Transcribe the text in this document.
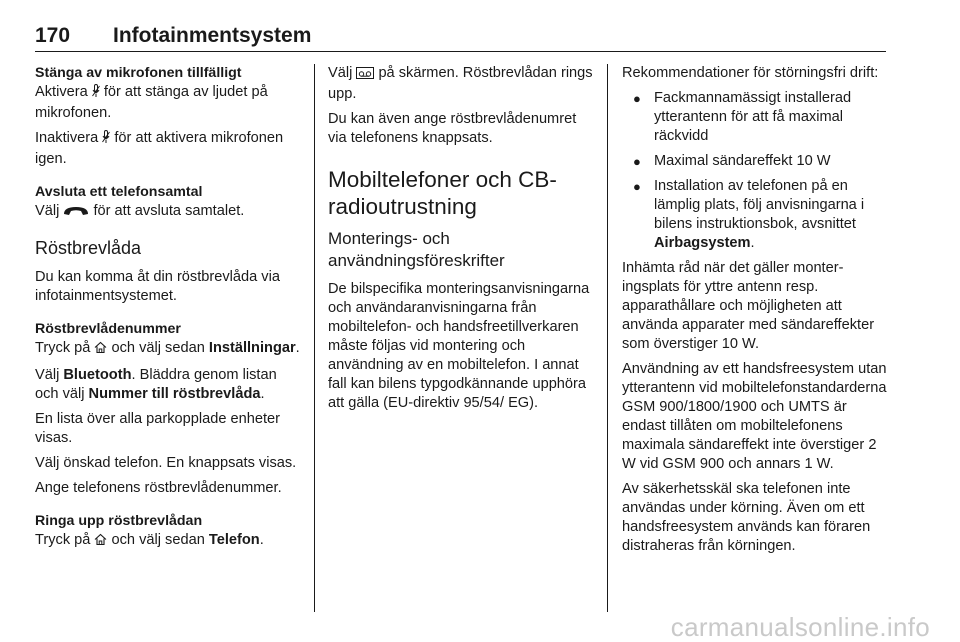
170 Infotainmentsystem
Stänga av mikrofonen tillfälligt

Aktivera  för att stänga av ljudet på mikrofonen.

Inaktivera  för att aktivera mikrofonen igen.

Avsluta ett telefonsamtal

Välj  för att avsluta samtalet.

Röstbrevlåda

Du kan komma åt din röstbrevlåda via infotainmentsystemet.

Röstbrevlådenummer

Tryck på  och välj sedan Inställningar.

Välj Bluetooth. Bläddra genom listan och välj Nummer till röstbrevlåda.

En lista över alla parkopplade enheter visas.

Välj önskad telefon. En knappsats visas.

Ange telefonens röstbrevlådenummer.

Ringa upp röstbrevlådan

Tryck på  och välj sedan Telefon.

Välj  på skärmen. Röstbrevlådan rings upp.

Du kan även ange röstbrevlådenumret via telefonens knappsats.

Mobiltelefoner och CB-radioutrustning
Monterings- och användningsföreskrifter

De bilspecifika monteringsanvisningarna och användaranvisningarna från mobiltelefon- och handsfreetillverkaren måste följas vid montering och användning av en mobiltelefon. I annat fall kan bilens typgodkännande upphöra att gälla (EU-direktiv 95/54/ EG).

Rekommendationer för störningsfri drift:

● Fackmannamässigt installerad ytterantenn för att få maximal räckvidd
● Maximal sändareffekt 10 W
● Installation av telefonen på en lämplig plats, följ anvisningarna i bilens instruktionsbok, avsnittet Airbagsystem.

Inhämta råd när det gäller monteringsplats för yttre antenn resp. apparathållare och möjligheten att använda apparater med sändareffekter som överstiger 10 W.

Användning av ett handsfreesystem utan ytterantenn vid mobiltelefonstandarderna GSM 900/1800/1900 och UMTS är endast tillåten om mobiltelefonens maximala sändareffekt inte överstiger 2 W vid GSM 900 och annars 1 W.

Av säkerhetsskäl ska telefonen inte användas under körning. Även om ett handsfreesystem används kan föraren distraheras från körningen.

carmanualsonline.info
